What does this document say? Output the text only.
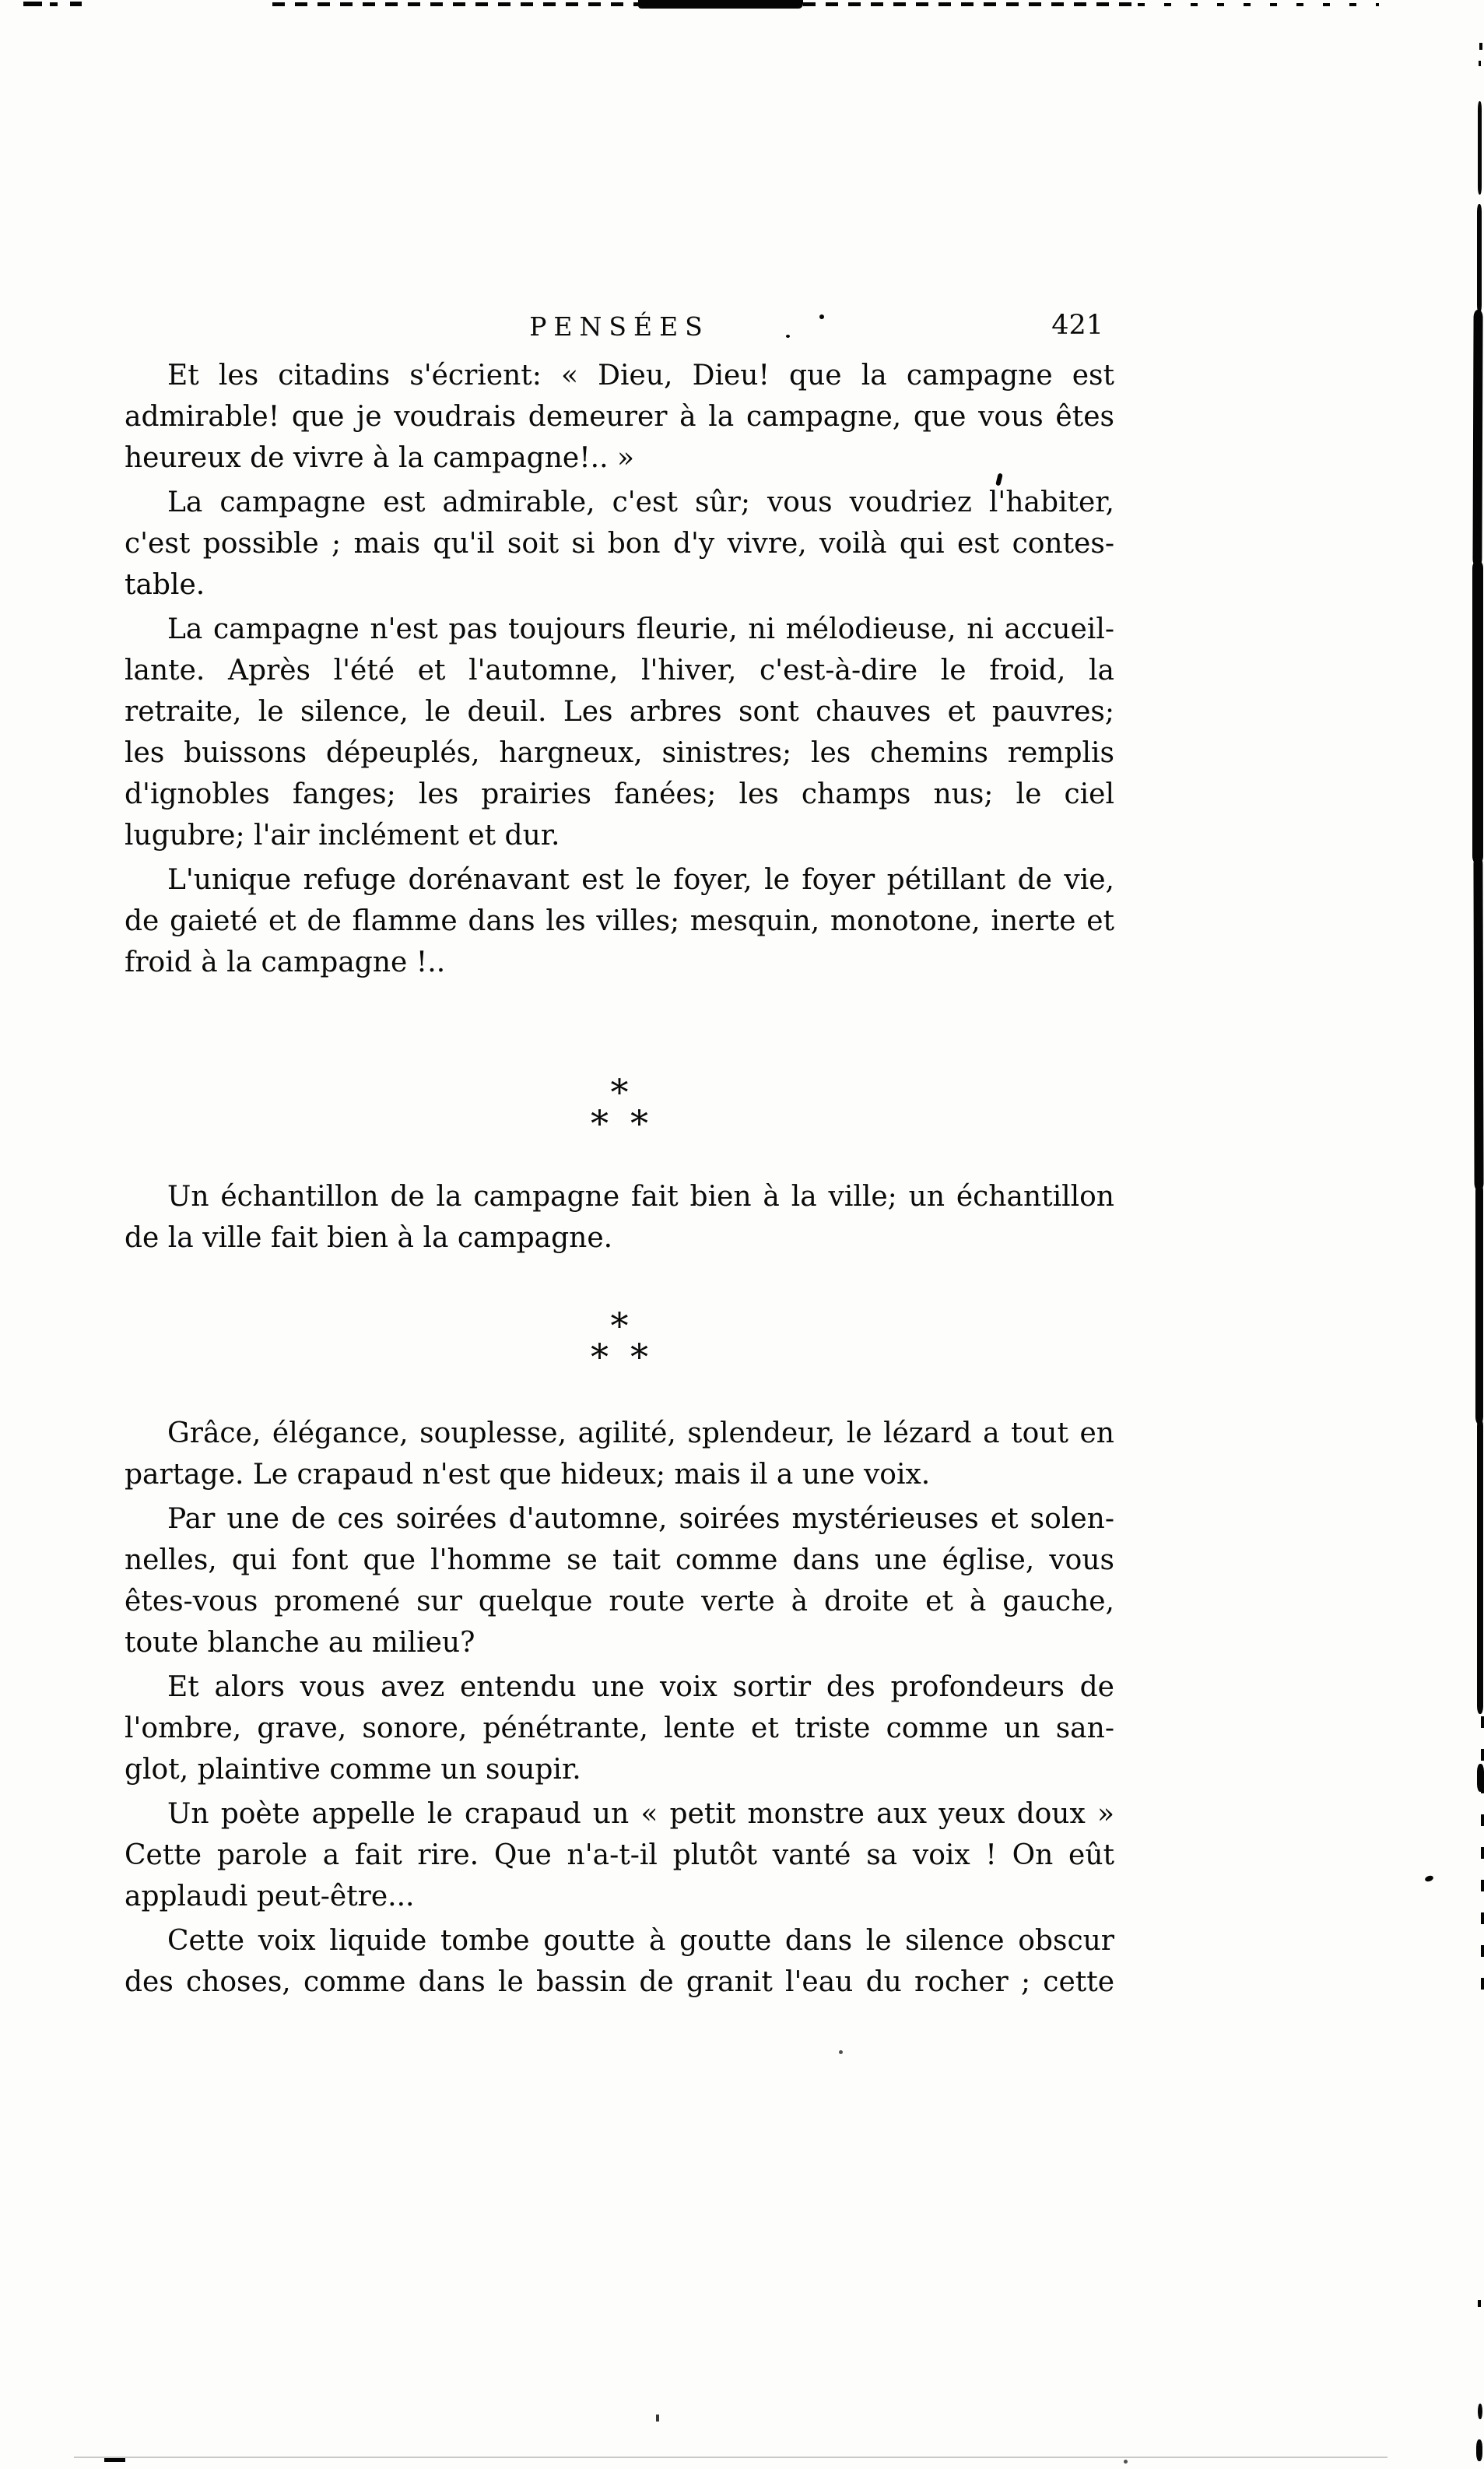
PENSÉES	421
Et les citadins s'écrient: « Dieu, Dieu! que la campagne est
admirable! que je voudrais demeurer à la campagne, que vous êtes
heureux de vivre à la campagne!.. »
La campagne est admirable, c'est sûr; vous voudriez l'habiter,
c'est possible ; mais qu'il soit si bon d'y vivre, voilà qui est contes-
table.
La campagne n'est pas toujours fleurie, ni mélodieuse, ni accueil-
lante. Après l'été et l'automne, l'hiver, c'est-à-dire le froid, la
retraite, le silence, le deuil. Les arbres sont chauves et pauvres;
les buissons dépeuplés, hargneux, sinistres; les chemins remplis
d'ignobles fanges; les prairies fanées; les champs nus; le ciel
lugubre; l'air inclément et dur.
L'unique refuge dorénavant est le foyer, le foyer pétillant de vie,
de gaieté et de flamme dans les villes; mesquin, monotone, inerte et
froid à la campagne !..
*
* *
Un échantillon de la campagne fait bien à la ville; un échantillon
de la ville fait bien à la campagne.
*
* *
Grâce, élégance, souplesse, agilité, splendeur, le lézard a tout en
partage. Le crapaud n'est que hideux; mais il a une voix.
Par une de ces soirées d'automne, soirées mystérieuses et solen-
nelles, qui font que l'homme se tait comme dans une église, vous
êtes-vous promené sur quelque route verte à droite et à gauche,
toute blanche au milieu?
Et alors vous avez entendu une voix sortir des profondeurs de
l'ombre, grave, sonore, pénétrante, lente et triste comme un san-
glot, plaintive comme un soupir.
Un poète appelle le crapaud un « petit monstre aux yeux doux »
Cette parole a fait rire. Que n'a-t-il plutôt vanté sa voix ! On eût
applaudi peut-être...
Cette voix liquide tombe goutte à goutte dans le silence obscur
des choses, comme dans le bassin de granit l'eau du rocher ; cette
